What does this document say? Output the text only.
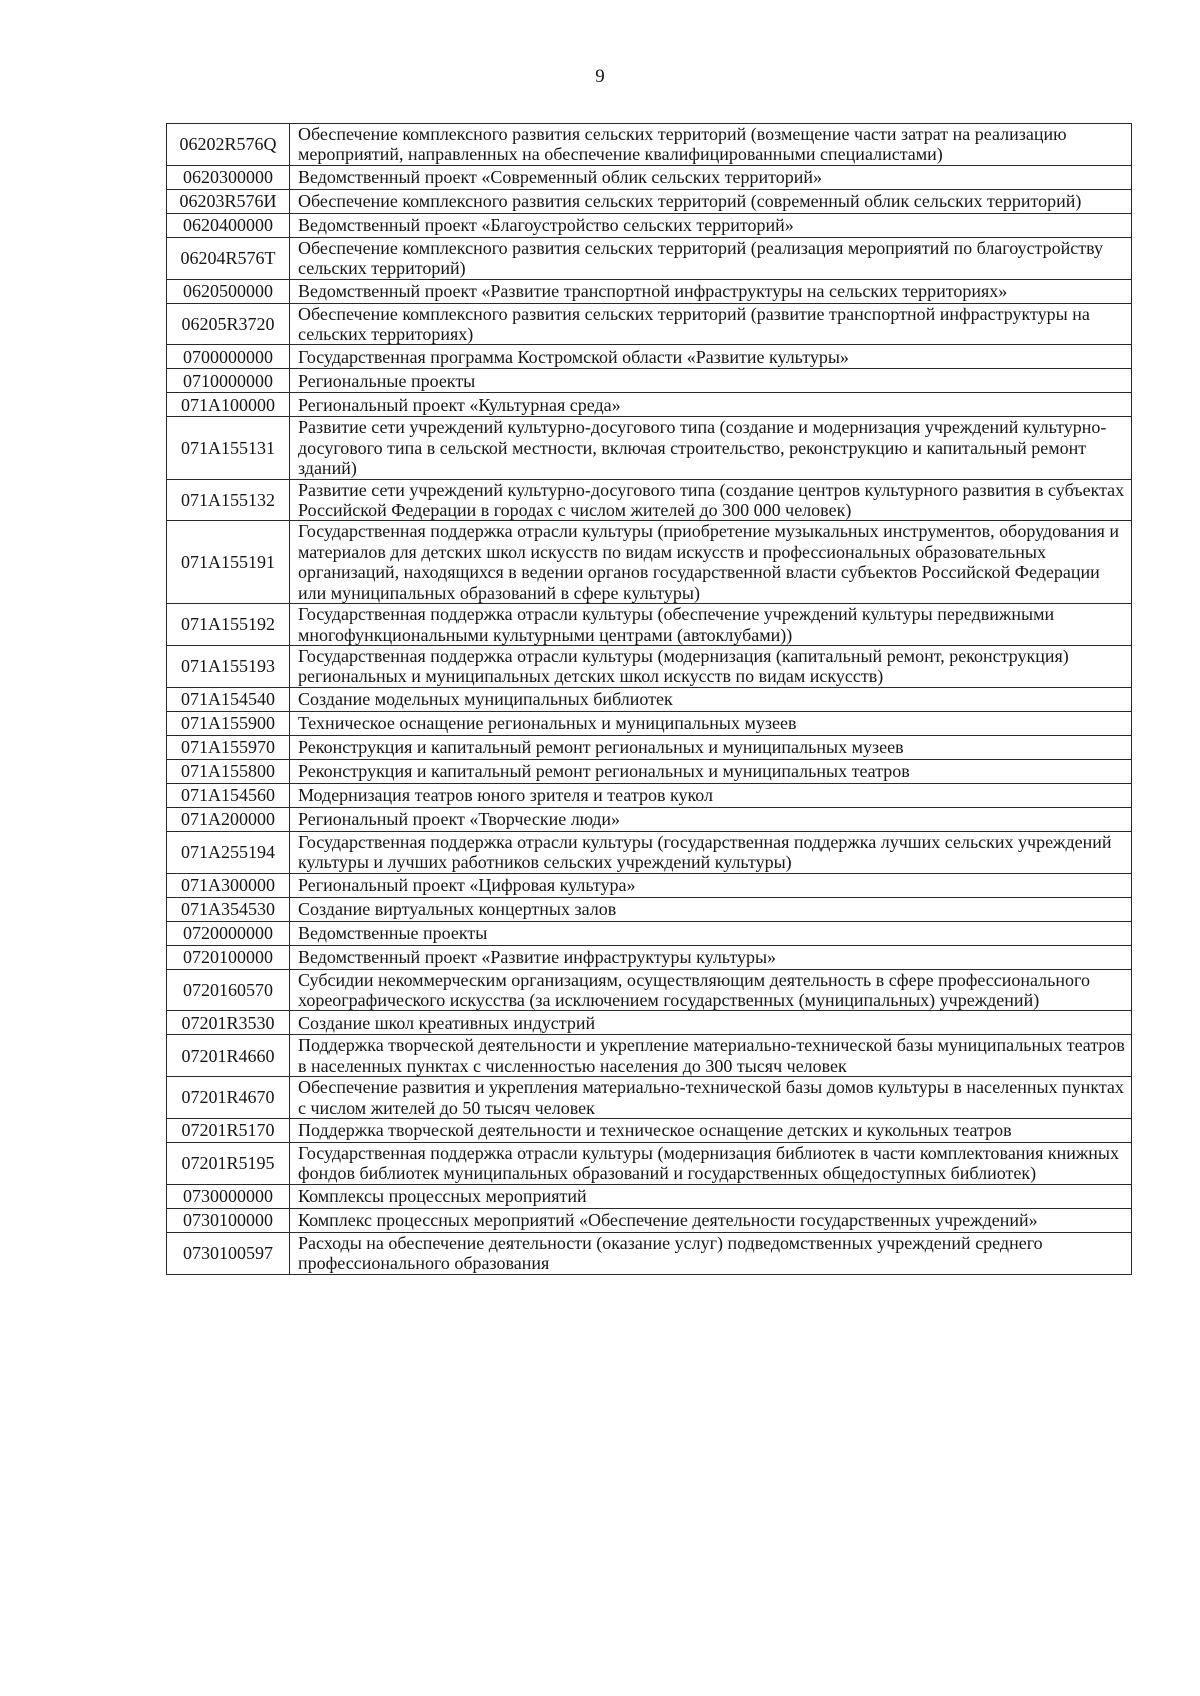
9
06202R576Q	Обеспечение комплексного развития сельских территорий (возмещение части затрат на реализацию мероприятий, направленных на обеспечение квалифицированными специалистами)
0620300000	Ведомственный проект «Современный облик сельских территорий»
06203R576И	Обеспечение комплексного развития сельских территорий (современный облик сельских территорий)
0620400000	Ведомственный проект «Благоустройство сельских территорий»
06204R576T	Обеспечение комплексного развития сельских территорий (реализация мероприятий по благоустройству сельских территорий)
0620500000	Ведомственный проект «Развитие транспортной инфраструктуры на сельских территориях»
06205R3720	Обеспечение комплексного развития сельских территорий (развитие транспортной инфраструктуры на сельских территориях)
0700000000	Государственная программа Костромской области «Развитие культуры»
0710000000	Региональные проекты
071A100000	Региональный проект «Культурная среда»
071A155131	Развитие сети учреждений культурно-досугового типа (создание и модернизация учреждений культурно-досугового типа в сельской местности, включая строительство, реконструкцию и капитальный ремонт зданий)
071A155132	Развитие сети учреждений культурно-досугового типа (создание центров культурного развития в субъектах Российской Федерации в городах с числом жителей до 300 000 человек)
071A155191	Государственная поддержка отрасли культуры (приобретение музыкальных инструментов, оборудования и материалов для детских школ искусств по видам искусств и профессиональных образовательных организаций, находящихся в ведении органов государственной власти субъектов Российской Федерации или муниципальных образований в сфере культуры)
071A155192	Государственная поддержка отрасли культуры (обеспечение учреждений культуры передвижными многофункциональными культурными центрами (автоклубами))
071A155193	Государственная поддержка отрасли культуры (модернизация (капитальный ремонт, реконструкция) региональных и муниципальных детских школ искусств по видам искусств)
071A154540	Создание модельных муниципальных библиотек
071A155900	Техническое оснащение региональных и муниципальных музеев
071A155970	Реконструкция и капитальный ремонт региональных и муниципальных музеев
071A155800	Реконструкция и капитальный ремонт региональных и муниципальных театров
071A154560	Модернизация театров юного зрителя и театров кукол
071A200000	Региональный проект «Творческие люди»
071A255194	Государственная поддержка отрасли культуры (государственная поддержка лучших сельских учреждений культуры и лучших работников сельских учреждений культуры)
071A300000	Региональный проект «Цифровая культура»
071A354530	Создание виртуальных концертных залов
0720000000	Ведомственные проекты
0720100000	Ведомственный проект «Развитие инфраструктуры культуры»
0720160570	Субсидии некоммерческим организациям, осуществляющим деятельность в сфере профессионального хореографического искусства (за исключением государственных (муниципальных) учреждений)
07201R3530	Создание школ креативных индустрий
07201R4660	Поддержка творческой деятельности и укрепление материально-технической базы муниципальных театров в населенных пунктах с численностью населения до 300 тысяч человек
07201R4670	Обеспечение развития и укрепления материально-технической базы домов культуры в населенных пунктах с числом жителей до 50 тысяч человек
07201R5170	Поддержка творческой деятельности и техническое оснащение детских и кукольных театров
07201R5195	Государственная поддержка отрасли культуры (модернизация библиотек в части комплектования книжных фондов библиотек муниципальных образований и государственных общедоступных библиотек)
0730000000	Комплексы процессных мероприятий
0730100000	Комплекс процессных мероприятий «Обеспечение деятельности государственных учреждений»
0730100597	Расходы на обеспечение деятельности (оказание услуг) подведомственных учреждений среднего профессионального образования
